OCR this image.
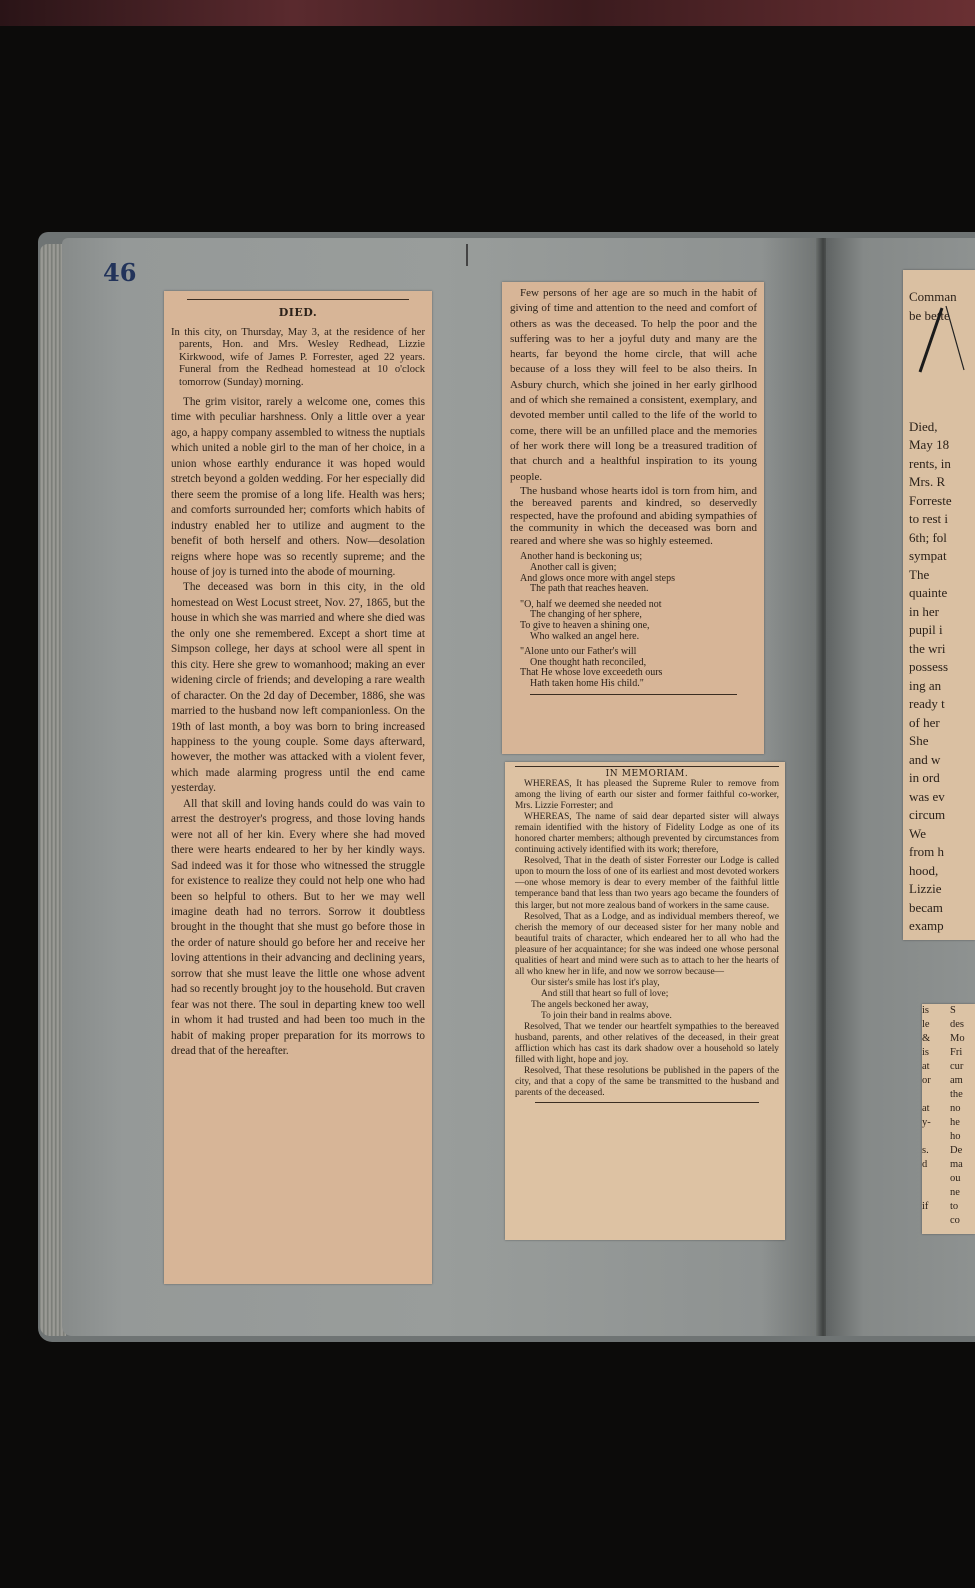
46
DIED.
In this city, on Thursday, May 3, at the residence of her parents, Hon. and Mrs. Wesley Redhead, Lizzie Kirkwood, wife of James P. Forrester, aged 22 years. Funeral from the Redhead homestead at 10 o'clock tomorrow (Sunday) morning.

The grim visitor, rarely a welcome one, comes this time with peculiar harshness. Only a little over a year ago, a happy company assembled to witness the nuptials which united a noble girl to the man of her choice, in a union whose earthly endurance it was hoped would stretch beyond a golden wedding. For her especially did there seem the promise of a long life. Health was hers; and comforts surrounded her; comforts which habits of industry enabled her to utilize and augment to the benefit of both herself and others. Now—desolation reigns where hope was so recently supreme; and the house of joy is turned into the abode of mourning.

The deceased was born in this city, in the old homestead on West Locust street, Nov. 27, 1865, but the house in which she was married and where she died was the only one she remembered. Except a short time at Simpson college, her days at school were all spent in this city. Here she grew to womanhood; making an ever widening circle of friends; and developing a rare wealth of character. On the 2d day of December, 1886, she was married to the husband now left companionless. On the 19th of last month, a boy was born to bring increased happiness to the young couple. Some days afterward, however, the mother was attacked with a violent fever, which made alarming progress until the end came yesterday.

All that skill and loving hands could do was vain to arrest the destroyer's progress, and those loving hands were not all of her kin. Every where she had moved there were hearts endeared to her by her kindly ways. Sad indeed was it for those who witnessed the struggle for existence to realize they could not help one who had been so helpful to others. But to her we may well imagine death had no terrors. Sorrow it doubtless brought in the thought that she must go before those in the order of nature should go before her and receive her loving attentions in their advancing and declining years, sorrow that she must leave the little one whose advent had so recently brought joy to the household. But craven fear was not there. The soul in departing knew too well in whom it had trusted and had been too much in the habit of making proper preparation for its morrows to dread that of the hereafter.

Few persons of her age are so much in the habit of giving of time and attention to the need and comfort of others as was the deceased. To help the poor and the suffering was to her a joyful duty and many are the hearts, far beyond the home circle, that will ache because of a loss they will feel to be also theirs. In Asbury church, which she joined in her early girlhood and of which she remained a consistent, exemplary, and devoted member until called to the life of the world to come, there will be an unfilled place and the memories of her work there will long be a treasured tradition of that church and a healthful inspiration to its young people.

The husband whose hearts idol is torn from him, and the bereaved parents and kindred, so deservedly respected, have the profound and abiding sympathies of the community in which the deceased was born and reared and where she was so highly esteemed.

Another hand is beckoning us;
Another call is given;
And glows once more with angel steps
The path that reaches heaven.
"O, half we deemed she needed not
The changing of her sphere,
To give to heaven a shining one,
Who walked an angel here.
"Alone unto our Father's will
One thought hath reconciled,
That He whose love exceedeth ours
Hath taken home His child."
IN MEMORIAM.

WHEREAS, It has pleased the Supreme Ruler to remove from among the living of earth our sister and former faithful co-worker, Mrs. Lizzie Forrester; and

WHEREAS, The name of said dear departed sister will always remain identified with the history of Fidelity Lodge as one of its honored charter members; although prevented by circumstances from continuing actively identified with its work; therefore,

Resolved, That in the death of sister Forrester our Lodge is called upon to mourn the loss of one of its earliest and most devoted workers—one whose memory is dear to every member of the faithful little temperance band that less than two years ago became the founders of this larger, but not more zealous band of workers in the same cause.

Resolved, That as a Lodge, and as individual members thereof, we cherish the memory of our deceased sister for her many noble and beautiful traits of character, which endeared her to all who had the pleasure of her acquaintance; for she was indeed one whose personal qualities of heart and mind were such as to attach to her the hearts of all who knew her in life, and now we sorrow because—

Our sister's smile has lost it's play,
And still that heart so full of love;
The angels beckoned her away,
To join their band in realms above.

Resolved, That we tender our heartfelt sympathies to the bereaved husband, parents, and other relatives of the deceased, in their great affliction which has cast its dark shadow over a household so lately filled with light, hope and joy.

Resolved, That these resolutions be published in the papers of the city, and that a copy of the same be transmitted to the husband and parents of the deceased.

Comman
be bette

Died,
May 18
rents, in
Mrs. R
Forreste
to rest i
6th; fol
sympat
The
quainte
in her
pupil i
the wri
possess
ing an
ready t
of her
She
and w
in ord
was ev
circum
We
from h
hood,
Lizzie
becam
examp
is
le
&
is
at
or

at
y-

s.
d

if
S
des
Mo
Fri
cur
am
the
no
he
ho
De
ma
ou
ne
to
co
